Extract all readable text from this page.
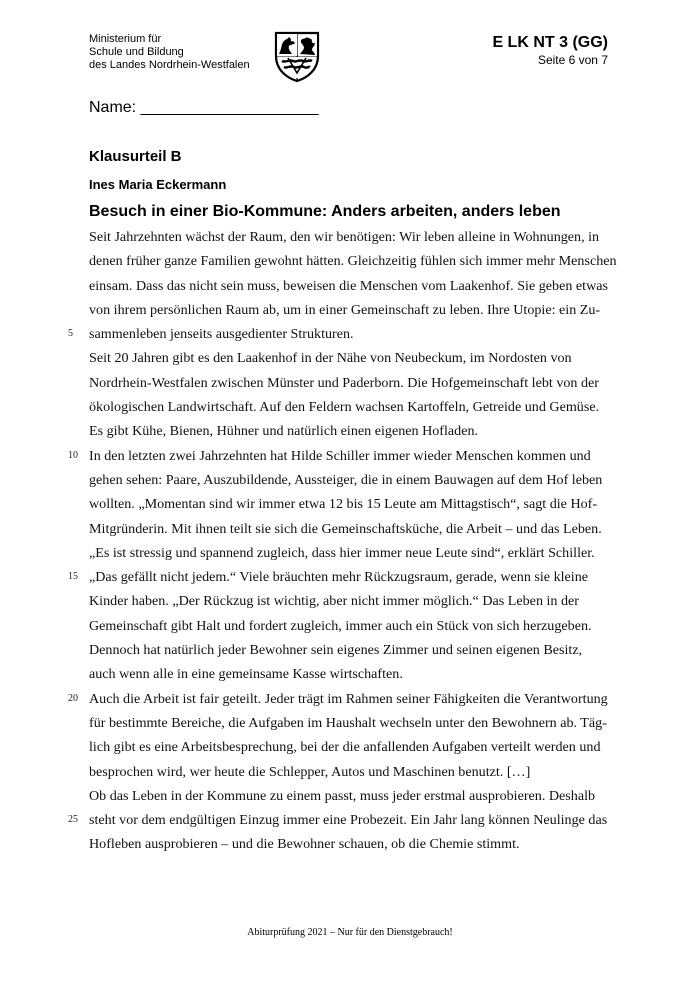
Ministerium für
Schule und Bildung
des Landes Nordrhein-Westfalen
E LK NT 3 (GG)
Seite 6 von 7
Name: ____________________
Klausurteil B
Ines Maria Eckermann
Besuch in einer Bio-Kommune: Anders arbeiten, anders leben
Seit Jahrzehnten wächst der Raum, den wir benötigen: Wir leben alleine in Wohnungen, in
denen früher ganze Familien gewohnt hätten. Gleichzeitig fühlen sich immer mehr Menschen
einsam. Dass das nicht sein muss, beweisen die Menschen vom Laakenhof. Sie geben etwas
von ihrem persönlichen Raum ab, um in einer Gemeinschaft zu leben. Ihre Utopie: ein Zu-
5 sammenleben jenseits ausgedienter Strukturen.
Seit 20 Jahren gibt es den Laakenhof in der Nähe von Neubeckum, im Nordosten von
Nordrhein-Westfalen zwischen Münster und Paderborn. Die Hofgemeinschaft lebt von der
ökologischen Landwirtschaft. Auf den Feldern wachsen Kartoffeln, Getreide und Gemüse.
Es gibt Kühe, Bienen, Hühner und natürlich einen eigenen Hofladen.
10 In den letzten zwei Jahrzehnten hat Hilde Schiller immer wieder Menschen kommen und
gehen sehen: Paare, Auszubildende, Aussteiger, die in einem Bauwagen auf dem Hof leben
wollten. „Momentan sind wir immer etwa 12 bis 15 Leute am Mittagstisch“, sagt die Hof-
Mitgründerin. Mit ihnen teilt sie sich die Gemeinschaftsküche, die Arbeit – und das Leben.
„Es ist stressig und spannend zugleich, dass hier immer neue Leute sind“, erklärt Schiller.
15 „Das gefällt nicht jedem.“ Viele bräuchten mehr Rückzugsraum, gerade, wenn sie kleine
Kinder haben. „Der Rückzug ist wichtig, aber nicht immer möglich.“ Das Leben in der
Gemeinschaft gibt Halt und fordert zugleich, immer auch ein Stück von sich herzugeben.
Dennoch hat natürlich jeder Bewohner sein eigenes Zimmer und seinen eigenen Besitz,
auch wenn alle in eine gemeinsame Kasse wirtschaften.
20 Auch die Arbeit ist fair geteilt. Jeder trägt im Rahmen seiner Fähigkeiten die Verantwortung
für bestimmte Bereiche, die Aufgaben im Haushalt wechseln unter den Bewohnern ab. Täg-
lich gibt es eine Arbeitsbesprechung, bei der die anfallenden Aufgaben verteilt werden und
besprochen wird, wer heute die Schlepper, Autos und Maschinen benutzt. […]
Ob das Leben in der Kommune zu einem passt, muss jeder erstmal ausprobieren. Deshalb
25 steht vor dem endgültigen Einzug immer eine Probezeit. Ein Jahr lang können Neulinge das
Hofleben ausprobieren – und die Bewohner schauen, ob die Chemie stimmt.
Abiturprüfung 2021 – Nur für den Dienstgebrauch!
